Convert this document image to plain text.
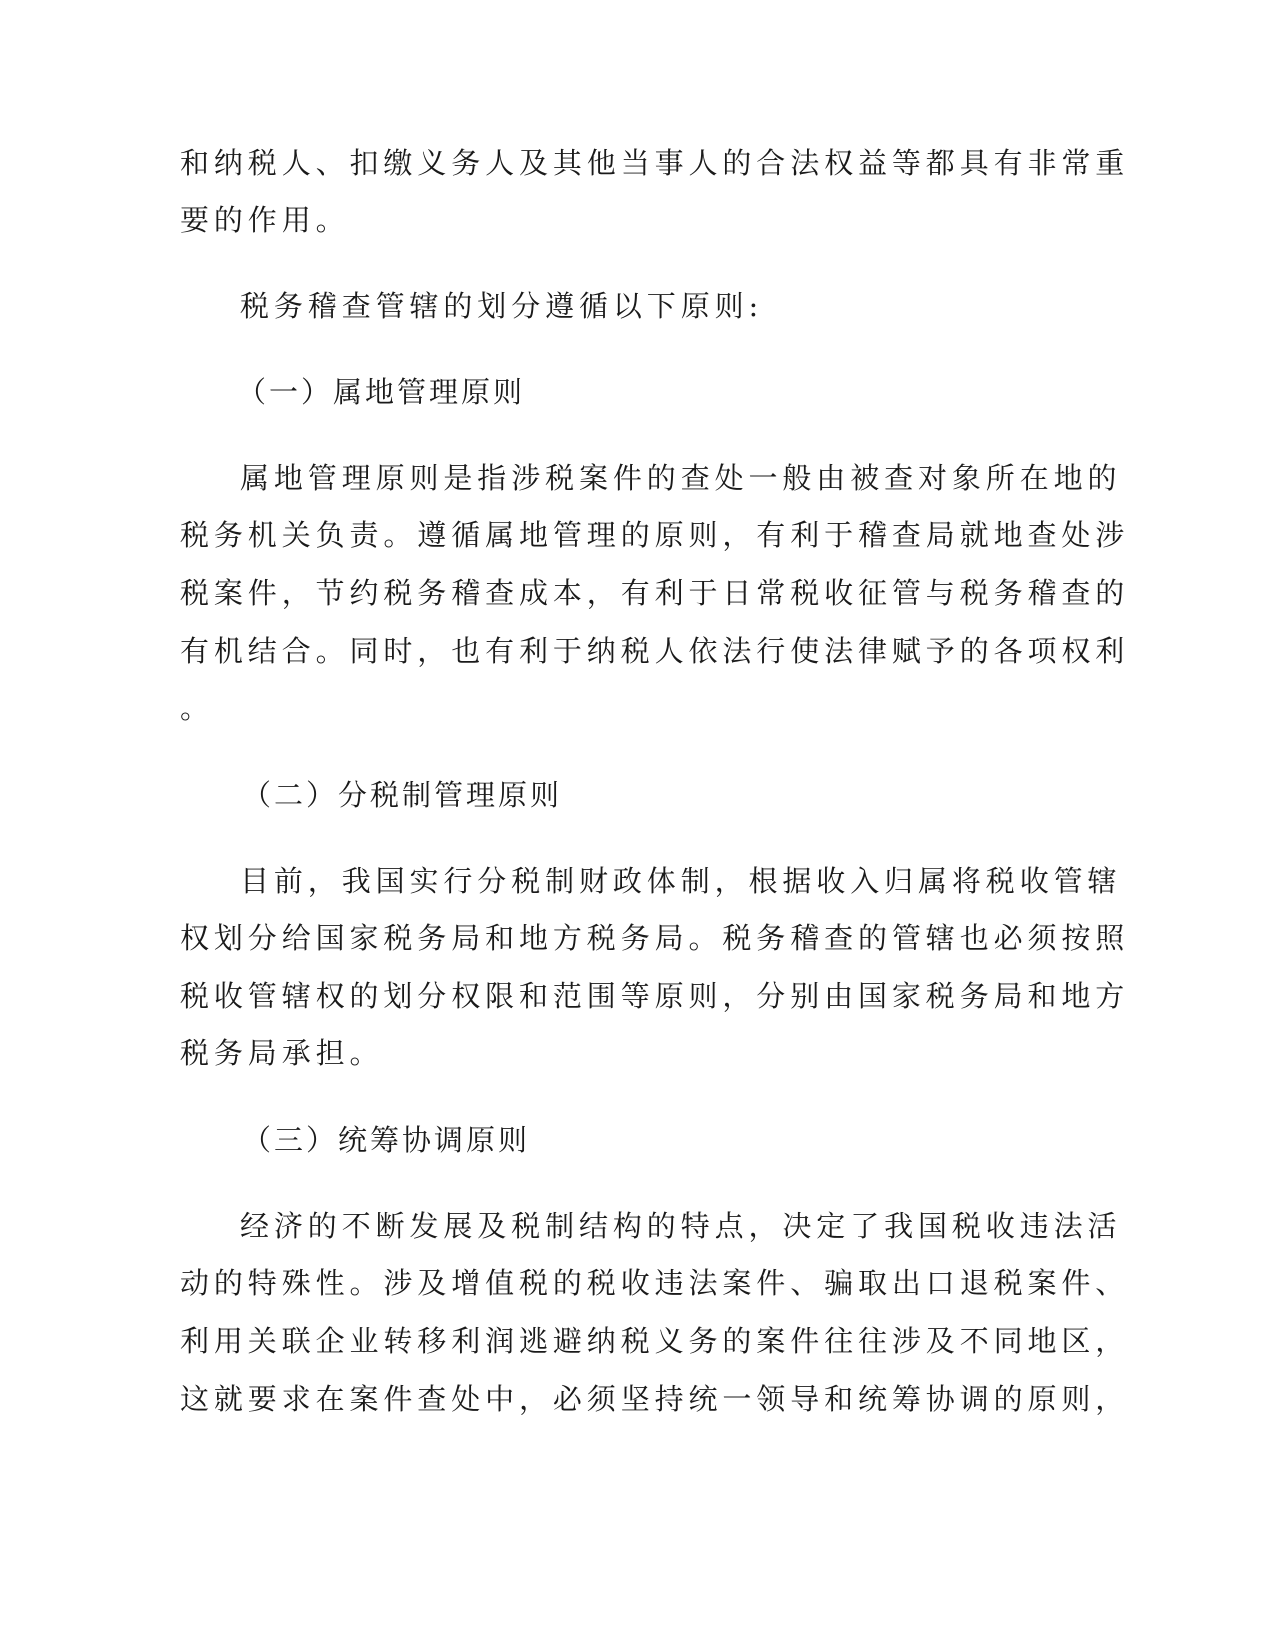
和纳税人、扣缴义务人及其他当事人的合法权益等都具有非常重
要的作用。
税务稽查管辖的划分遵循以下原则:
（一）属地管理原则
属地管理原则是指涉税案件的查处一般由被查对象所在地的
税务机关负责。遵循属地管理的原则，有利于稽查局就地查处涉
税案件，节约税务稽查成本，有利于日常税收征管与税务稽查的
有机结合。同时，也有利于纳税人依法行使法律赋予的各项权利
。
（二）分税制管理原则
目前，我国实行分税制财政体制，根据收入归属将税收管辖
权划分给国家税务局和地方税务局。税务稽查的管辖也必须按照
税收管辖权的划分权限和范围等原则，分别由国家税务局和地方
税务局承担。
（三）统筹协调原则
经济的不断发展及税制结构的特点，决定了我国税收违法活
动的特殊性。涉及增值税的税收违法案件、骗取出口退税案件、
利用关联企业转移利润逃避纳税义务的案件往往涉及不同地区，
这就要求在案件查处中，必须坚持统一领导和统筹协调的原则，
